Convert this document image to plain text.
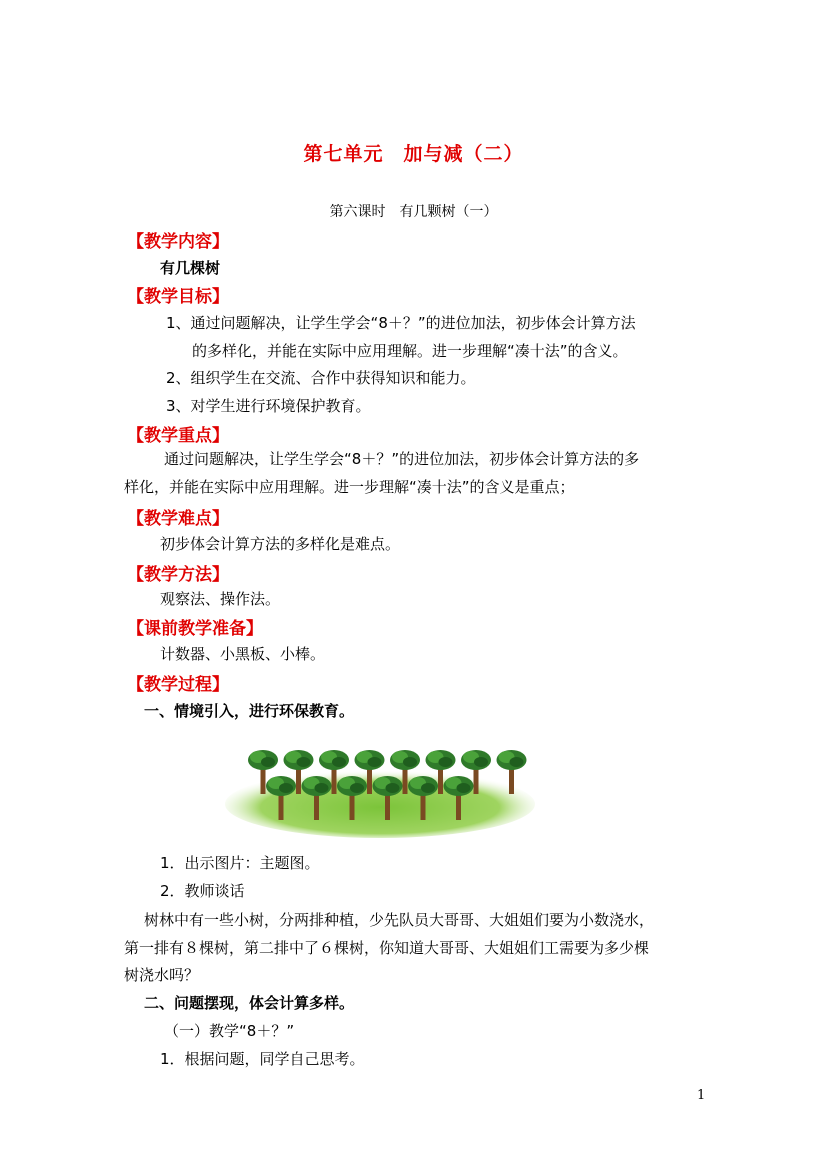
第七单元　加与减（二）
第六课时　有几颗树（一）
【教学内容】
有几棵树
【教学目标】
1、通过问题解决，让学生学会“8＋？”的进位加法，初步体会计算方法
的多样化，并能在实际中应用理解。进一步理解“凑十法”的含义。
2、组织学生在交流、合作中获得知识和能力。
3、对学生进行环境保护教育。
【教学重点】
通过问题解决，让学生学会“8＋？”的进位加法，初步体会计算方法的多
样化，并能在实际中应用理解。进一步理解“凑十法”的含义是重点；
【教学难点】
初步体会计算方法的多样化是难点。
【教学方法】
观察法、操作法。
【课前教学准备】
计数器、小黑板、小棒。
【教学过程】
一、情境引入，进行环保教育。
1．出示图片：主题图。
2．教师谈话
树林中有一些小树，分两排种植，少先队员大哥哥、大姐姐们要为小数浇水，
第一排有８棵树，第二排中了６棵树，你知道大哥哥、大姐姐们工需要为多少棵
树浇水吗？
二、问题摆现，体会计算多样。
（一）教学“8＋？”
1．根据问题，同学自己思考。
1
